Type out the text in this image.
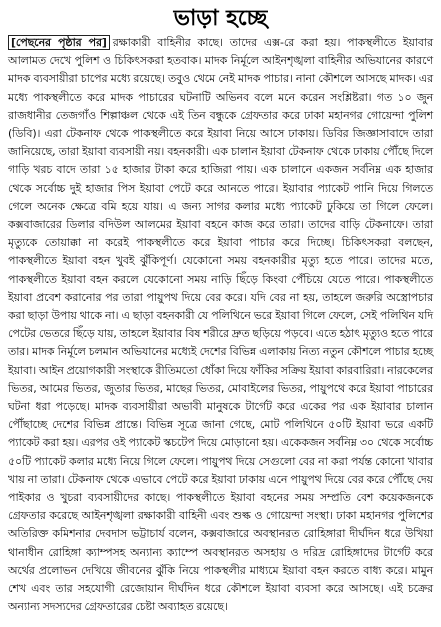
ভাড়া হচ্ছে

[পেছনের পৃষ্ঠার পর] রক্ষাকারী বাহিনীর কাছে। তাদের এক্স-রে করা হয়। পাকস্থলীতে ইয়াবার আলামত দেখে পুলিশ ও চিকিৎসকরা হতবাক। মাদক নির্মূলে আইনশৃঙ্খলা বাহিনীর অভিযানের কারণে মাদক ব্যবসায়ীরা চাপের মধ্যে রয়েছে। তবুও থেমে নেই মাদক পাচার। নানা কৌশলে আসছে মাদক। এর মধ্যে পাকস্থলীতে করে মাদক পাচারের ঘটনাটি অভিনব বলে মনে করেন সংশ্লিষ্টরা। গত ১০ জুন রাজধানীর তেজগাঁও শিল্পাঞ্চল থেকে এই তিন বন্ধুকে গ্রেফতার করে ঢাকা মহানগর গোয়েন্দা পুলিশ (ডিবি)। এরা টেকনাফ থেকে পাকস্থলীতে করে ইয়াবা নিয়ে আসে ঢাকায়। ডিবির জিজ্ঞাসাবাদে তারা জানিয়েছে, তারা ইয়াবা ব্যবসায়ী নয়। বহনকারী। এক চালান ইয়াবা টেকনাফ থেকে ঢাকায় পৌঁছে দিলে গাড়ি খরচ বাদে তারা ১৫ হাজার টাকা করে হাজিরা পায়। এক চালানে একজন সর্বনিম্ন এক হাজার থেকে সর্বোচ্চ দুই হাজার পিস ইয়াবা পেটে করে আনতে পারে। ইয়াবার প্যাকেট পানি দিয়ে গিলতে গেলে অনেক ক্ষেত্রে বমি হয়ে যায়। এ জন্য সাগর কলার মধ্যে প্যাকেট ঢুকিয়ে তা গিলে ফেলে। কক্সবাজারের ডিলার বদিউল আলমের ইয়াবা বহনে কাজ করে তারা। তাদের বাড়ি টেকনাফে। তারা মৃত্যুকে তোয়াক্কা না করেই পাকস্থলীতে করে ইয়াবা পাচার করে দিচ্ছে। চিকিৎসকরা বলছেন, পাকস্থলীতে ইয়াবা বহন খুবই ঝুঁকিপূর্ণ। যেকোনো সময় বহনকারীর মৃত্যু হতে পারে। তাদের মতে, পাকস্থলীতে ইয়াবা বহন করলে যেকোনো সময় নাড়ি ছিঁড়ে কিংবা পেঁচিয়ে যেতে পারে। পাকস্থলীতে ইয়াবা প্রবেশ করানোর পর তারা পায়ুপথ দিয়ে বের করে। যদি বের না হয়, তাহলে জরুরি অস্ত্রোপচার করা ছাড়া উপায় থাকে না। এ ছাড়া বহনকারী যে পলিথিনে ভরে ইয়াবা গিলে ফেলে, সেই পলিথিন যদি পেটের ভেতরে ছিঁড়ে যায়, তাহলে ইয়াবার বিষ শরীরে দ্রুত ছড়িয়ে পড়বে। এতে হঠাৎ মৃত্যুও হতে পারে তার। মাদক নির্মূলে চলমান অভিযানের মধ্যেই দেশের বিভিন্ন এলাকায় নিত্য নতুন কৌশলে পাচার হচ্ছে ইয়াবা। আইন প্রয়োগকারী সংস্থাকে রীতিমতো ধোঁকা দিয়ে ফাঁকির সক্রিয় ইয়াবা কারবারিরা। নারকেলের ভিতর, আমের ভিতর, জুতার ভিতর, মাছের ভিতর, মোবাইলের ভিতর, পায়ুপথে করে ইয়াবা পাচারের ঘটনা ধরা পড়েছে। মাদক ব্যবসায়ীরা অভাবী মানুষকে টার্গেট করে একের পর এক ইয়াবার চালান পৌঁছাচ্ছে দেশের বিভিন্ন প্রান্তে। বিভিন্ন সূত্রে জানা গেছে, মোট পলিথিনে ৫০টি ইয়াবা ভরে একটি প্যাকেট করা হয়। এরপর ওই প্যাকেট স্কচটেপ দিয়ে মোড়ানো হয়। একেকজন সর্বনিম্ন ৩০ থেকে সর্বোচ্চ ৫০টি প্যাকেট কলার মধ্যে নিয়ে গিলে ফেলে। পায়ুপথ দিয়ে সেগুলো বের না করা পর্যন্ত কোনো খাবার খায় না তারা। টেকনাফ থেকে এভাবে পেটে করে ইয়াবা ঢাকায় এনে পায়ুপথ দিয়ে বের করে পৌঁছে দেয় পাইকার ও খুচরা ব্যবসায়ীদের কাছে। পাকস্থলীতে ইয়াবা বহনের সময় সম্প্রতি বেশ কয়েকজনকে গ্রেফতার করেছে আইনশৃঙ্খলা রক্ষাকারী বাহিনী এবং শুল্ক ও গোয়েন্দা সংস্থা। ঢাকা মহানগর পুলিশের অতিরিক্ত কমিশনার দেবদাস ভট্টাচার্য বলেন, কক্সবাজারে অবস্থানরত রোহিঙ্গারা দীর্ঘদিন ধরে উখিয়া থানাধীন রোহিঙ্গা ক্যাম্পসহ অন্যান্য ক্যাম্পে অবস্থানরত অসহায় ও দরিদ্র রোহিঙ্গাদের টার্গেট করে অর্থের প্রলোভন দেখিয়ে জীবনের ঝুঁকি নিয়ে পাকস্থলীর মাধ্যমে ইয়াবা বহন করতে বাধ্য করে। মামুন শেখ এবং তার সহযোগী রেজোয়ান দীর্ঘদিন ধরে কৌশলে ইয়াবা ব্যবসা করে আসছে। এই চক্রের অন্যান্য সদস্যদের গ্রেফতারের চেষ্টা অব্যাহত রয়েছে।
